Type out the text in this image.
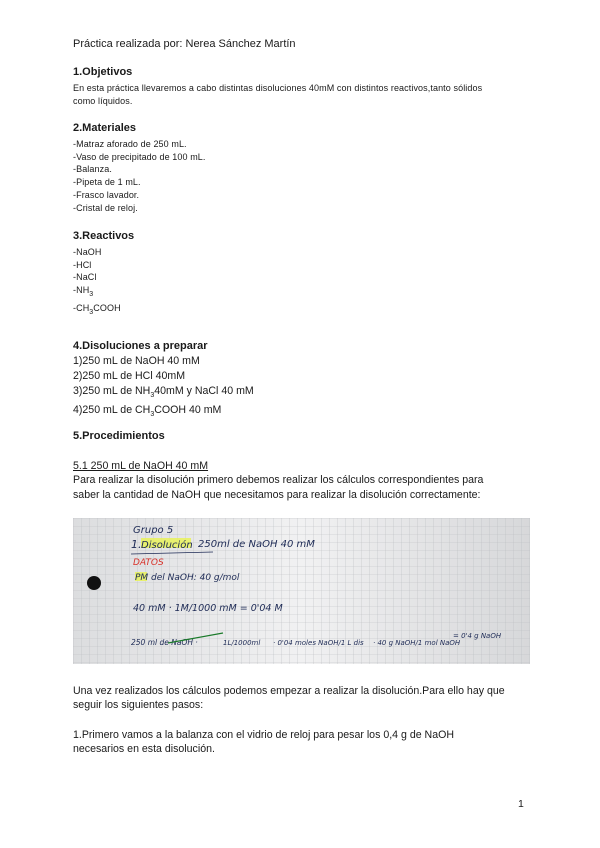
Práctica realizada por: Nerea Sánchez Martín
1.Objetivos
En esta práctica llevaremos a cabo distintas disoluciones 40mM con distintos reactivos,tanto sólidos
como líquidos.
2.Materiales
-Matraz aforado de 250 mL.
-Vaso de precipitado de 100 mL.
-Balanza.
-Pipeta de 1 mL.
-Frasco lavador.
-Cristal de reloj.
3.Reactivos
-NaOH
-HCl
-NaCl
$-NH_3$
$-CH_3COOH$
4.Disoluciones a preparar
1)250 mL de NaOH 40 mM
2)250 mL de HCl 40mM
3)250 mL de $NH_340mM$ y NaCl 40 mM
4)250 mL de $CH_3COOH$ 40 mM
5.Procedimientos
5.1 250 mL de NaOH 40 mM
Para realizar la disolución primero debemos realizar los cálculos correspondientes para
saber la cantidad de NaOH que necesitamos para realizar la disolución correctamente:
Grupo 5
1. Disolución 250ml de NaOH 40 mM
DATOS
PM del NaOH: 40 g/mol
40 mM · 1M/1000 mM = 0'04 M
250 ml de NaOH ·	1L/1000ml · 0'04 moles NaOH/1 L dis · 40 g NaOH/1 mol NaOH
= 0'4 g NaOH
Una vez realizados los cálculos podemos empezar a realizar la disolución.Para ello hay que
seguir los siguientes pasos:
1.Primero vamos a la balanza con el vidrio de reloj para pesar los 0,4 g de NaOH
necesarios en esta disolución.
1
